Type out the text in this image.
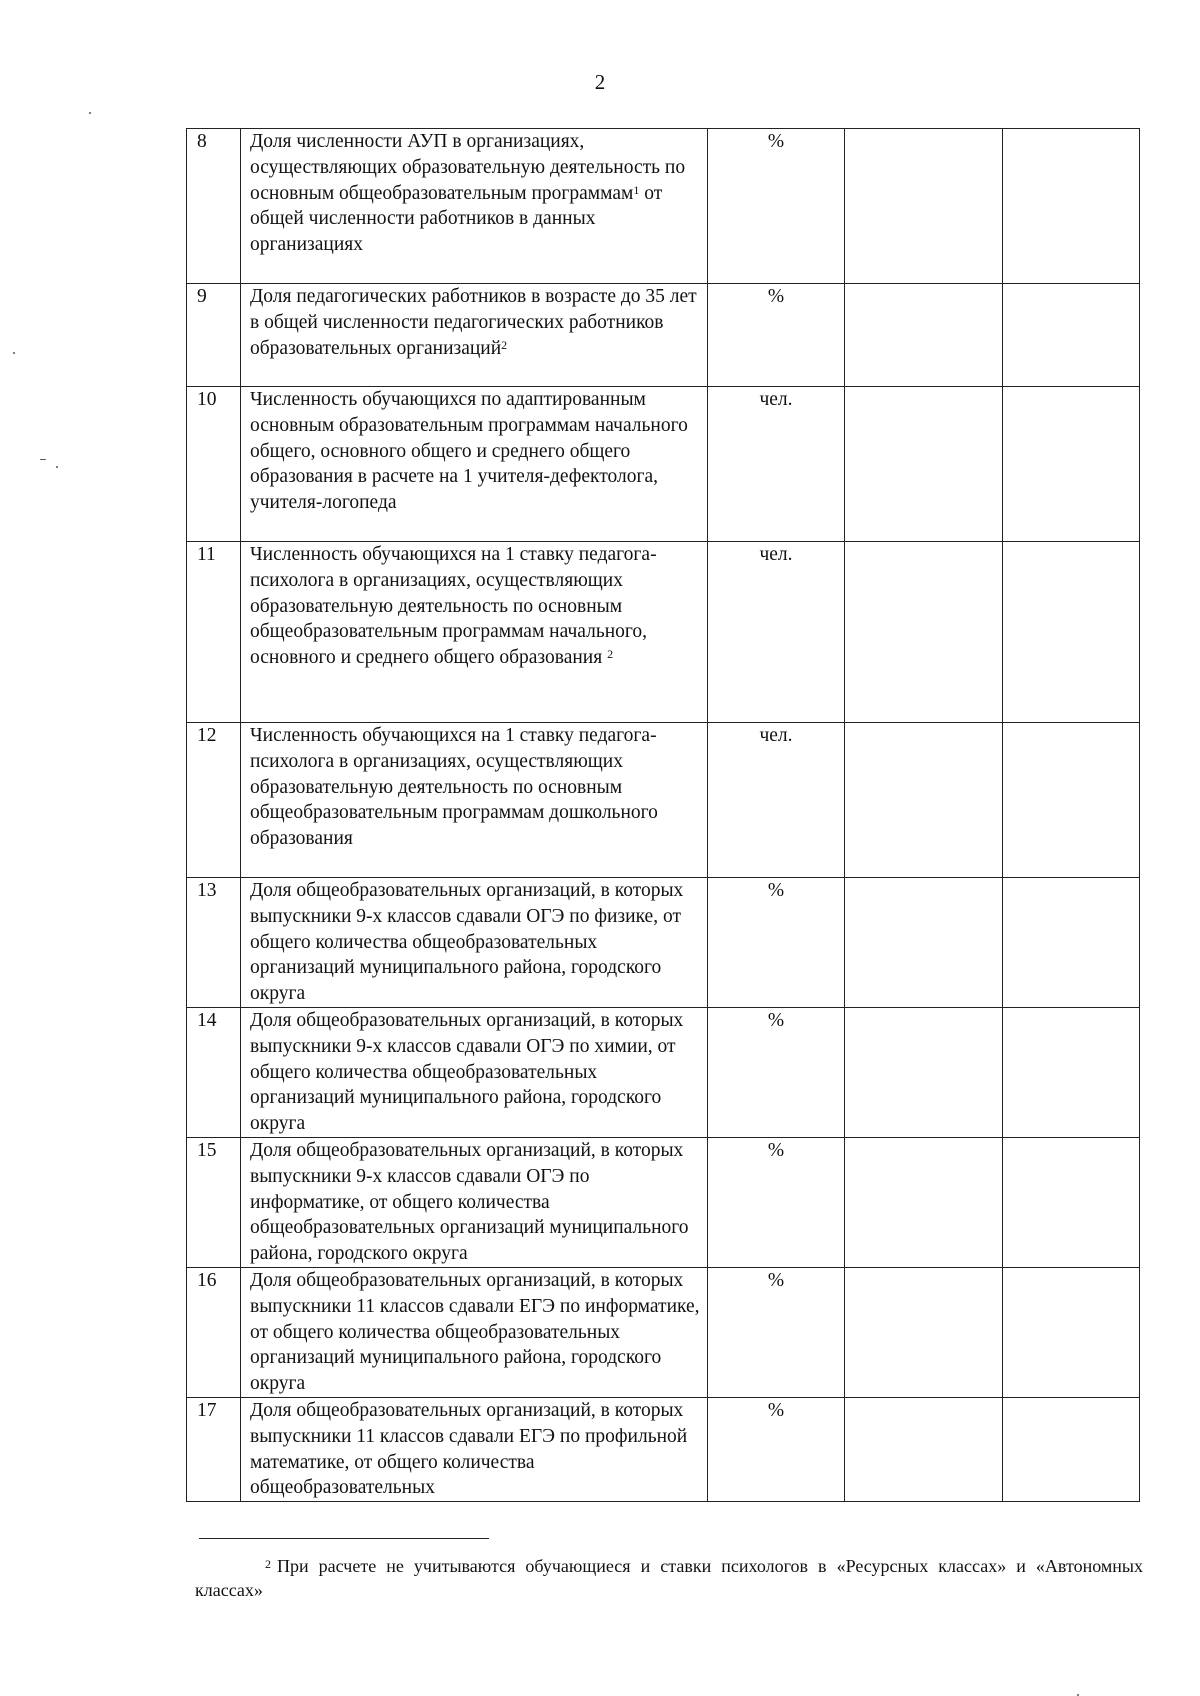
2
8	Доля численности АУП в организациях, осуществляющих образовательную деятельность по основным общеобразовательным программам$^1$ от общей численности работников в данных организациях	%		
9	Доля педагогических работников в возрасте до 35 лет в общей численности педагогических работников образовательных организаций$^2$	%		
10	Численность обучающихся по адаптированным основным образовательным программам начального общего, основного общего и среднего общего образования в расчете на 1 учителя-дефектолога, учителя-логопеда	чел.		
11	Численность обучающихся на 1 ставку педагога-психолога в организациях, осуществляющих образовательную деятельность по основным общеобразовательным программам начального, основного и среднего общего образования $^2$	чел.		
12	Численность обучающихся на 1 ставку педагога-психолога в организациях, осуществляющих образовательную деятельность по основным общеобразовательным программам дошкольного образования	чел.		
13	Доля общеобразовательных организаций, в которых выпускники 9-х классов сдавали ОГЭ по физике, от общего количества общеобразовательных организаций муниципального района, городского округа	%		
14	Доля общеобразовательных организаций, в которых выпускники 9-х классов сдавали ОГЭ по химии, от общего количества общеобразовательных организаций муниципального района, городского округа	%		
15	Доля общеобразовательных организаций, в которых выпускники 9-х классов сдавали ОГЭ по информатике, от общего количества общеобразовательных организаций муниципального района, городского округа	%		
16	Доля общеобразовательных организаций, в которых выпускники 11 классов сдавали ЕГЭ по информатике, от общего количества общеобразовательных организаций муниципального района, городского округа	%		
17	Доля общеобразовательных организаций, в которых выпускники 11 классов сдавали ЕГЭ по профильной математике, от общего количества общеобразовательных	%		
$^2$ При расчете не учитываются обучающиеся и ставки психологов в «Ресурсных классах» и «Автономных классах»
